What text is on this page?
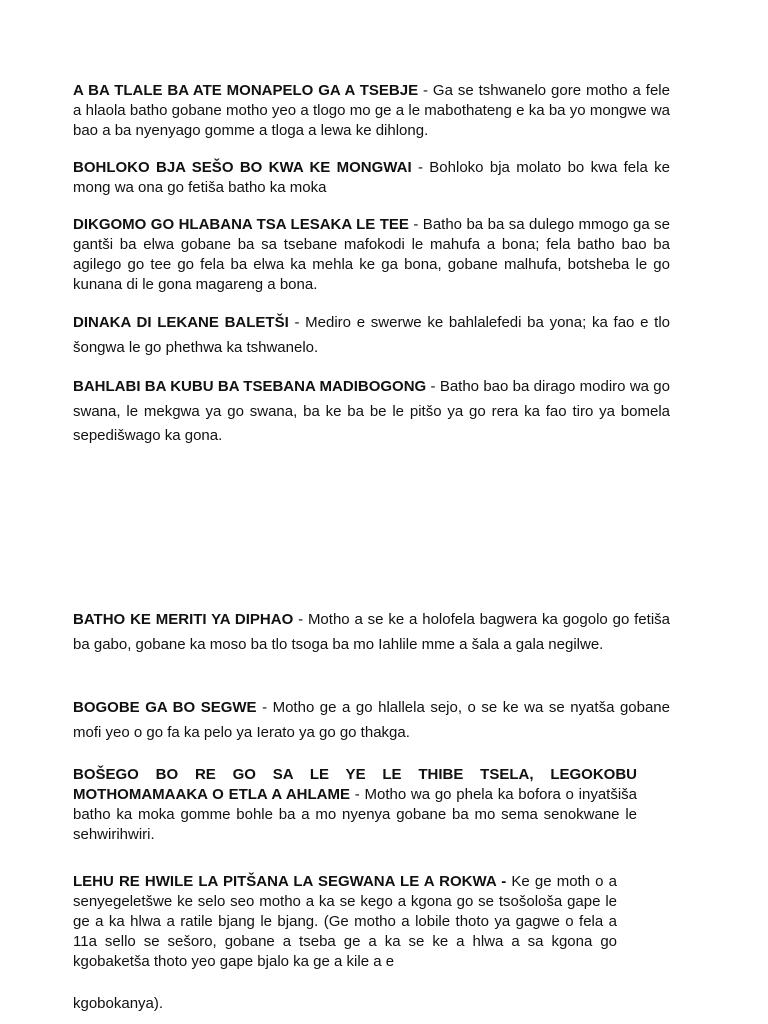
A BA TLALE BA ATE MONAPELO GA A TSEBJE - Ga se tshwanelo gore motho a fele a hlaola batho gobane motho yeo a tlogo mo ge a le mabothateng e ka ba yo mongwe wa bao a ba nyenyago gomme a tloga a lewa ke dihlong.

BOHLOKO BJA SEŠO BO KWA KE MONGWAI - Bohloko bja molato bo kwa fela ke mong wa ona go fetiša batho ka moka

DIKGOMO GO HLABANA TSA LESAKA LE TEE - Batho ba ba sa dulego mmogo ga se gantši ba elwa gobane ba sa tsebane mafokodi le mahufa a bona; fela batho bao ba agilego go tee go fela ba elwa ka mehla ke ga bona, gobane malhufa, botsheba le go kunana di le gona magareng a bona.

DINAKA DI LEKANE BALETŠI - Mediro e swerwe ke bahlalefedi ba yona; ka fao e tlo šongwa le go phethwa ka tshwanelo.

BAHLABI BA KUBU BA TSEBANA MADIBOGONG - Batho bao ba dirago modiro wa go swana, le mekgwa ya go swana, ba ke ba be le pitšo ya go rera ka fao tiro ya bomela sepedišwago ka gona.

BATHO KE MERITI YA DIPHAO - Motho a se ke a holofela bagwera ka gogolo go fetiša ba gabo, gobane ka moso ba tlo tsoga ba mo Iahlile mme a šala a gala negilwe.

BOGOBE GA BO SEGWE - Motho ge a go hlallela sejo, o se ke wa se nyatša gobane mofi yeo o go fa ka pelo ya Ierato ya go go thakga.

BOŠEGO BO RE GO SA LE YE LE THIBE TSELA, LEGOKOBU MOTHOMAMAAKA O ETLA A AHLAME - Motho wa go phela ka bofora o inyatšiša batho ka moka gomme bohle ba a mo nyenya gobane ba mo sema senokwane le sehwirihwiri.

LEHU RE HWILE LA PITŠANA LA SEGWANA LE A ROKWA - Ke ge moth o a senyegeletšwe ke selo seo motho a ka se kego a kgona go se tsošološa gape le ge a ka hlwa a ratile bjang le bjang. (Ge motho a lobile thoto ya gagwe o fela a 11a sello se sešoro, gobane a tseba ge a ka se ke a hlwa a sa kgona go kgobaketša thoto yeo gape bjalo ka ge a kile a e

kgobokanya).
